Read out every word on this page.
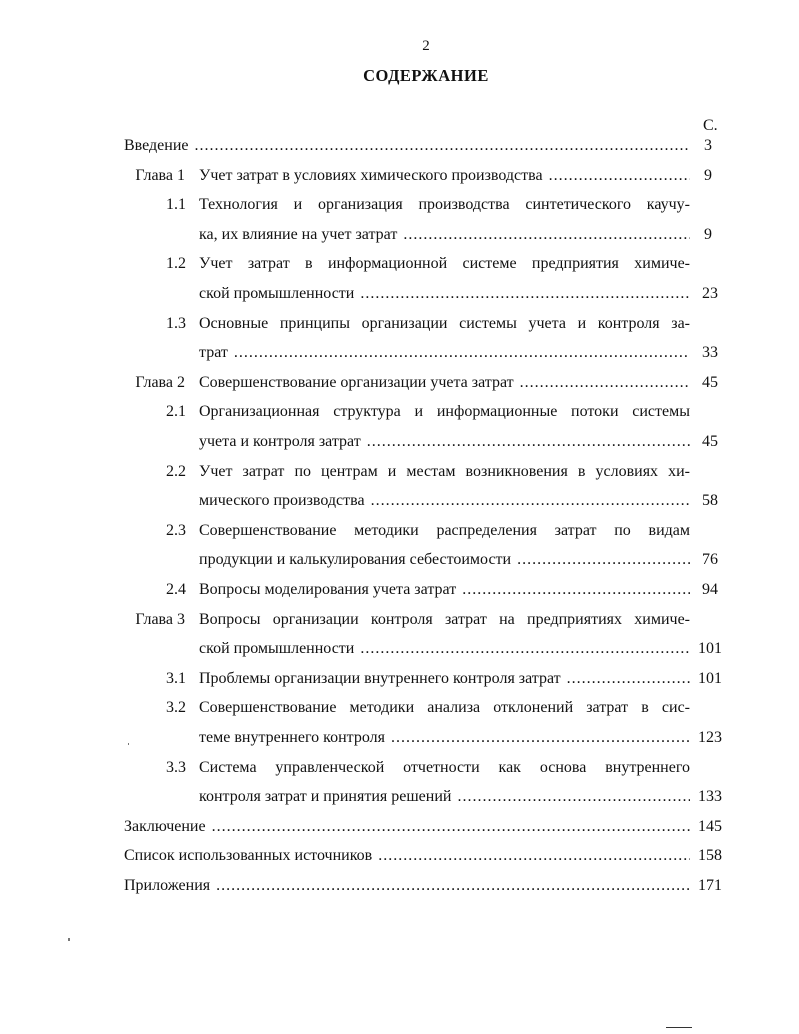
2
СОДЕРЖАНИЕ
С.
Введение .....	3
Глава 1 Учет затрат в условиях химического производства .....	9
1.1 Технология и организация производства синтетического каучу-
ка, их влияние на учет затрат .....	9
1.2 Учет затрат в информационной системе предприятия химиче-
ской промышленности .....	23
1.3 Основные принципы организации системы учета и контроля за-
трат .....	33
Глава 2 Совершенствование организации учета затрат .....	45
2.1 Организационная структура и информационные потоки системы
учета и контроля затрат .....	45
2.2 Учет затрат по центрам и местам возникновения в условиях хи-
мического производства .....	58
2.3 Совершенствование методики распределения затрат по видам
продукции и калькулирования себестоимости .....	76
2.4 Вопросы моделирования учета затрат .....	94
Глава 3 Вопросы организации контроля затрат на предприятиях химиче-
ской промышленности .....	101
3.1 Проблемы организации внутреннего контроля затрат .....	101
3.2 Совершенствование методики анализа отклонений затрат в сис-
теме внутреннего контроля .....	123
3.3 Система управленческой отчетности как основа внутреннего
контроля затрат и принятия решений .....	133
Заключение .....	145
Список использованных источников .....	158
Приложения .....	171
